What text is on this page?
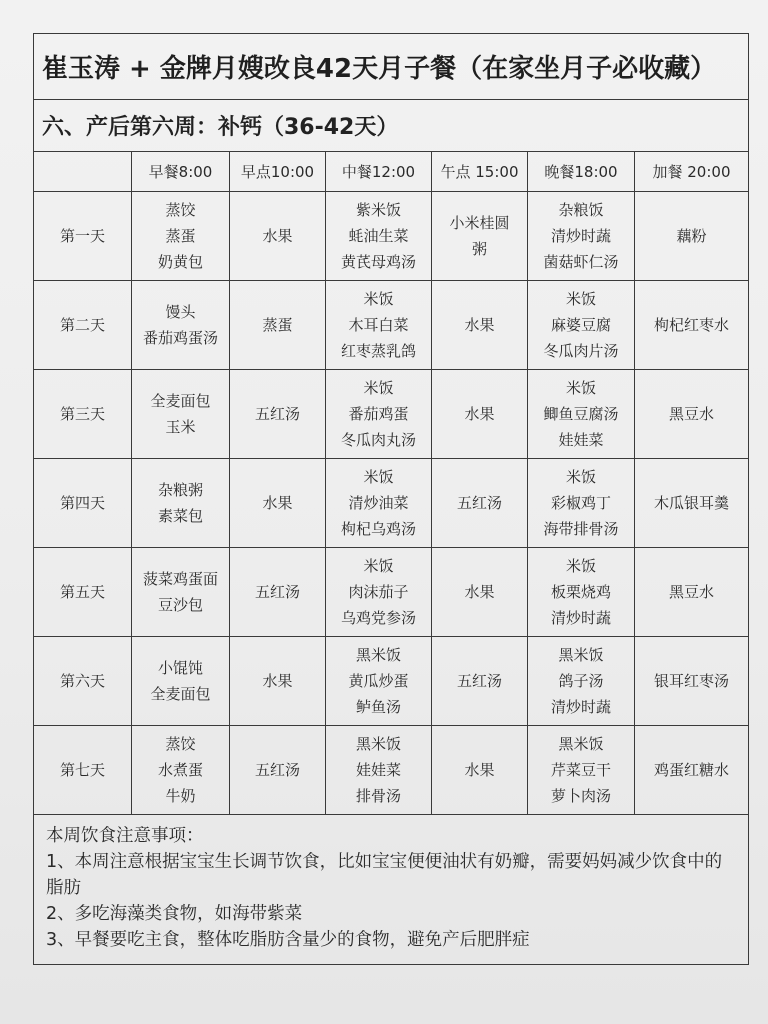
崔玉涛 + 金牌月嫂改良42天月子餐（在家坐月子必收藏）
六、产后第六周：补钙（36-42天）
早餐8:00 早点10:00 中餐12:00 午点 15:00 晚餐18:00 加餐 20:00
第一天
蒸饺
蒸蛋
奶黄包
水果
紫米饭
蚝油生菜
黄芪母鸡汤
小米桂圆
粥
杂粮饭
清炒时蔬
菌菇虾仁汤
藕粉
第二天
馒头
番茄鸡蛋汤
蒸蛋
米饭
木耳白菜
红枣蒸乳鸽
水果
米饭
麻婆豆腐
冬瓜肉片汤
枸杞红枣水
第三天
全麦面包
玉米
五红汤
米饭
番茄鸡蛋
冬瓜肉丸汤
水果
米饭
鲫鱼豆腐汤
娃娃菜
黑豆水
第四天
杂粮粥
素菜包
水果
米饭
清炒油菜
枸杞乌鸡汤
五红汤
米饭
彩椒鸡丁
海带排骨汤
木瓜银耳羹
第五天
菠菜鸡蛋面
豆沙包
五红汤
米饭
肉沫茄子
乌鸡党参汤
水果
米饭
板栗烧鸡
清炒时蔬
黑豆水
第六天
小馄饨
全麦面包
水果
黑米饭
黄瓜炒蛋
鲈鱼汤
五红汤
黑米饭
鸽子汤
清炒时蔬
银耳红枣汤
第七天
蒸饺
水煮蛋
牛奶
五红汤
黑米饭
娃娃菜
排骨汤
水果
黑米饭
芹菜豆干
萝卜肉汤
鸡蛋红糖水
本周饮食注意事项：
1、本周注意根据宝宝生长调节饮食，比如宝宝便便油状有奶瓣，需要妈妈减少饮食中的脂肪
2、多吃海藻类食物，如海带紫菜
3、早餐要吃主食，整体吃脂肪含量少的食物，避免产后肥胖症
